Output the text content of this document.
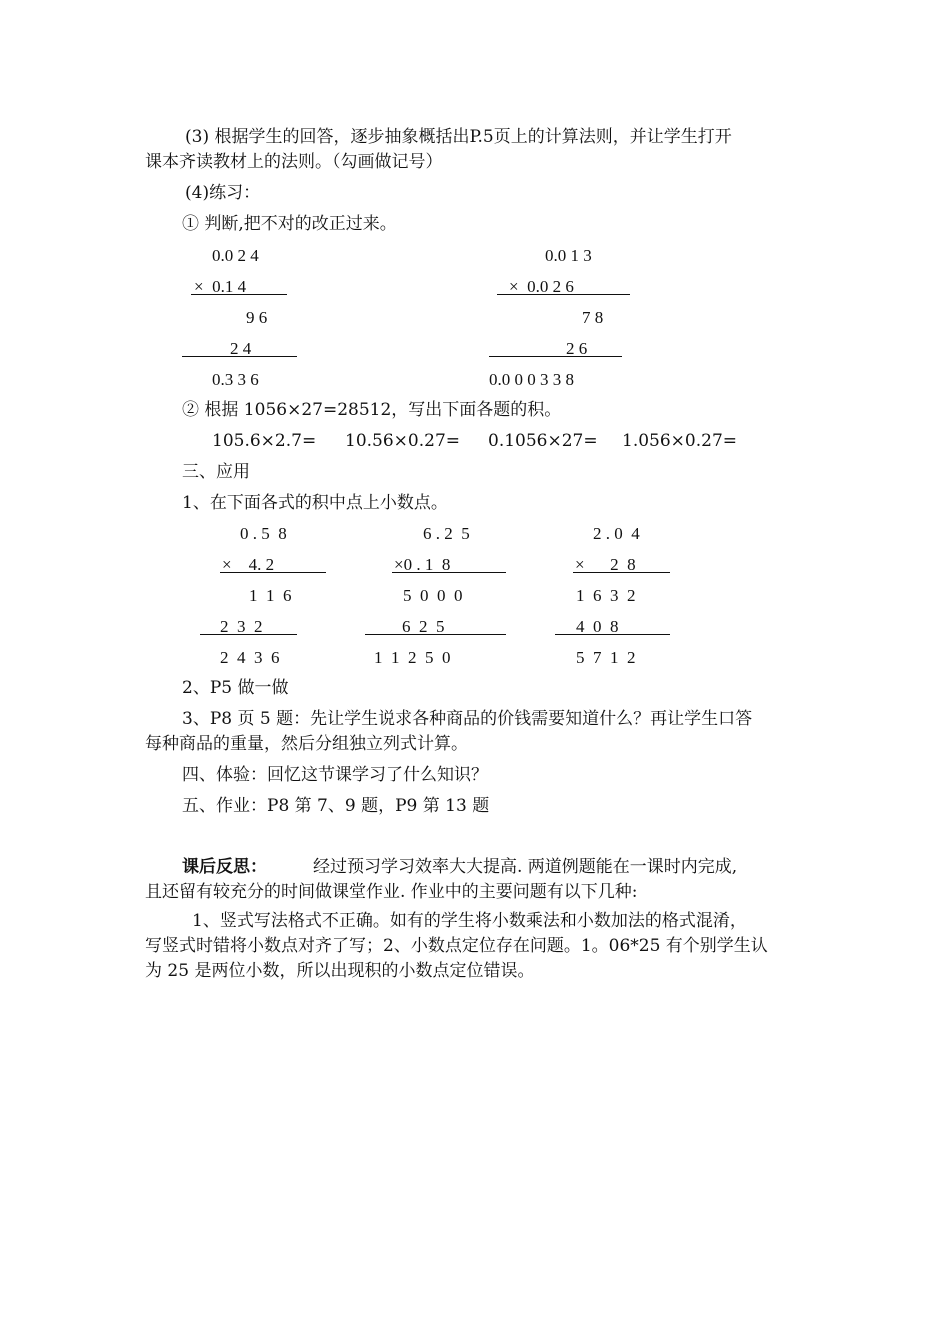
(3) 根据学生的回答，逐步抽象概括出P.5页上的计算法则，并让学生打开
课本齐读教材上的法则。（勾画做记号）
(4)练习：
① 判断,把不对的改正过来。
0.0 2 4
×  0.1 4
9 6
2 4
0.3 3 6
0.0 1 3
×  0.0 2 6
7 8
2 6
0.0 0 0 3 3 8
② 根据 1056×27=28512，写出下面各题的积。
105.6×2.7= 10.56×0.27= 0.1056×27= 1.056×0.27=
三、应用
1、在下面各式的积中点上小数点。
0 . 5  8
×    4. 2
1  1  6
2  3  2
2  4  3  6
6 . 2  5
×0 . 1  8
5  0  0  0
6  2  5
1  1  2  5  0
2 . 0  4
×      2  8
1  6  3  2
4  0  8
5  7  1  2
2、P5 做一做
3、P8 页 5 题：先让学生说求各种商品的价钱需要知道什么？再让学生口答
每种商品的重量，然后分组独立列式计算。
四、体验：回忆这节课学习了什么知识？
五、作业：P8 第 7、9 题，P9 第 13 题
课后反思：	经过预习学习效率大大提高. 两道例题能在一课时内完成,
且还留有较充分的时间做课堂作业. 作业中的主要问题有以下几种:
1、竖式写法格式不正确。如有的学生将小数乘法和小数加法的格式混淆，
写竖式时错将小数点对齐了写；2、小数点定位存在问题。1。06*25 有个别学生认
为 25 是两位小数，所以出现积的小数点定位错误。
